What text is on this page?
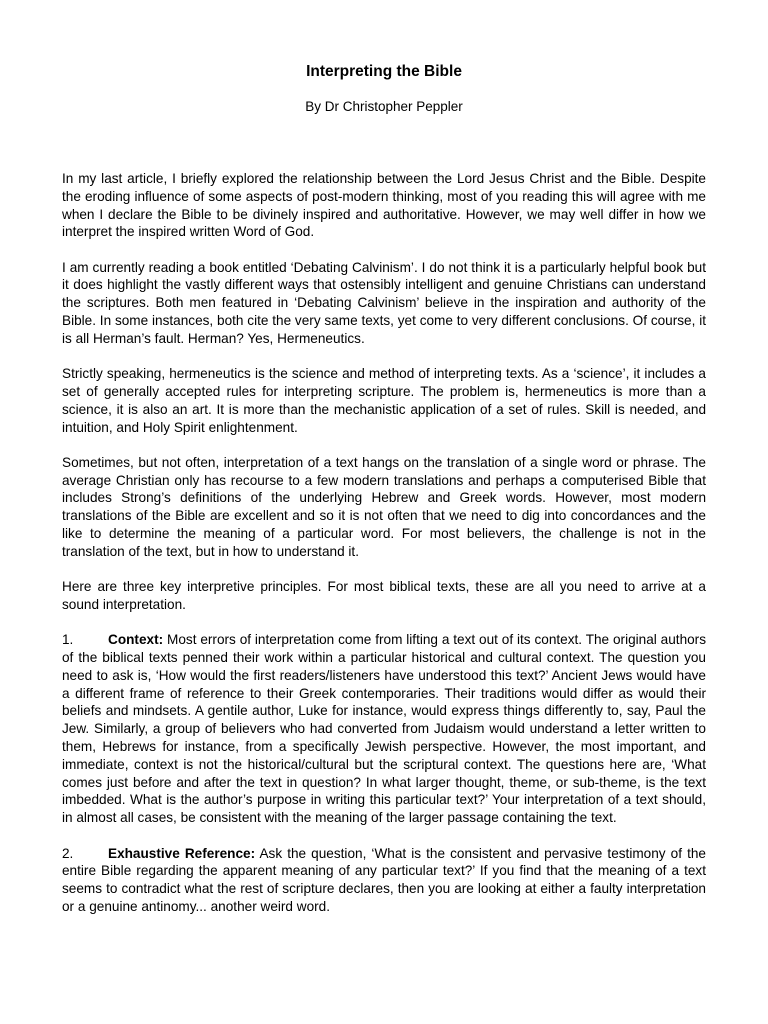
Interpreting the Bible
By Dr Christopher Peppler

In my last article, I briefly explored the relationship between the Lord Jesus Christ and the Bible. Despite the eroding influence of some aspects of post-modern thinking, most of you reading this will agree with me when I declare the Bible to be divinely inspired and authoritative. However, we may well differ in how we interpret the inspired written Word of God.

I am currently reading a book entitled ‘Debating Calvinism’. I do not think it is a particularly helpful book but it does highlight the vastly different ways that ostensibly intelligent and genuine Christians can understand the scriptures. Both men featured in ‘Debating Calvinism’ believe in the inspiration and authority of the Bible. In some instances, both cite the very same texts, yet come to very different conclusions. Of course, it is all Herman’s fault. Herman? Yes, Hermeneutics.

Strictly speaking, hermeneutics is the science and method of interpreting texts. As a ‘science’, it includes a set of generally accepted rules for interpreting scripture. The problem is, hermeneutics is more than a science, it is also an art. It is more than the mechanistic application of a set of rules. Skill is needed, and intuition, and Holy Spirit enlightenment.

Sometimes, but not often, interpretation of a text hangs on the translation of a single word or phrase. The average Christian only has recourse to a few modern translations and perhaps a computerised Bible that includes Strong’s definitions of the underlying Hebrew and Greek words. However, most modern translations of the Bible are excellent and so it is not often that we need to dig into concordances and the like to determine the meaning of a particular word. For most believers, the challenge is not in the translation of the text, but in how to understand it.

Here are three key interpretive principles. For most biblical texts, these are all you need to arrive at a sound interpretation.

1.	Context: Most errors of interpretation come from lifting a text out of its context. The original authors of the biblical texts penned their work within a particular historical and cultural context. The question you need to ask is, ‘How would the first readers/listeners have understood this text?’ Ancient Jews would have a different frame of reference to their Greek contemporaries. Their traditions would differ as would their beliefs and mindsets. A gentile author, Luke for instance, would express things differently to, say, Paul the Jew. Similarly, a group of believers who had converted from Judaism would understand a letter written to them, Hebrews for instance, from a specifically Jewish perspective. However, the most important, and immediate, context is not the historical/cultural but the scriptural context. The questions here are, ‘What comes just before and after the text in question? In what larger thought, theme, or sub-theme, is the text imbedded. What is the author’s purpose in writing this particular text?’ Your interpretation of a text should, in almost all cases, be consistent with the meaning of the larger passage containing the text.

2.	Exhaustive Reference: Ask the question, ‘What is the consistent and pervasive testimony of the entire Bible regarding the apparent meaning of any particular text?’ If you find that the meaning of a text seems to contradict what the rest of scripture declares, then you are looking at either a faulty interpretation or a genuine antinomy... another weird word.
